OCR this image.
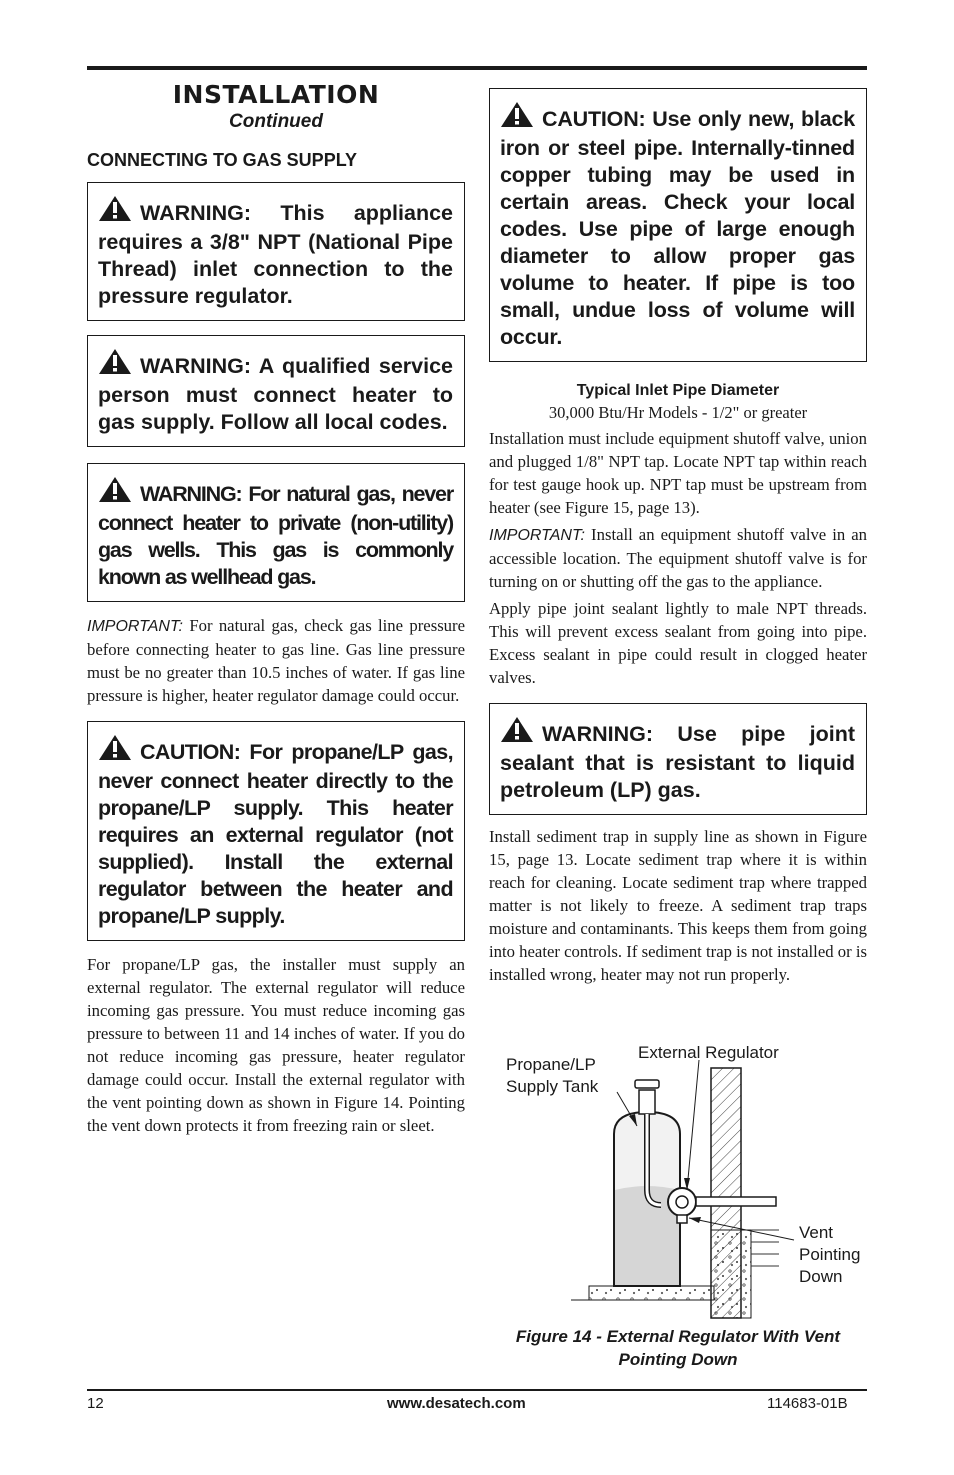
INSTALLATION
Continued
CONNECTING TO GAS SUPPLY
WARNING: This appliance requires a 3/8" NPT (National Pipe Thread) inlet connection to the pressure regulator.
WARNING: A qualified service person must connect heater to gas supply. Follow all local codes.
WARNING: For natural gas, never connect heater to private (non-utility) gas wells. This gas is commonly known as wellhead gas.

IMPORTANT: For natural gas, check gas line pressure before connecting heater to gas line. Gas line pressure must be no greater than 10.5 inches of water. If gas line pressure is higher, heater regulator damage could occur.

CAUTION: For propane/LP gas, never connect heater directly to the propane/LP supply. This heater requires an external regulator (not supplied). Install the external regulator between the heater and propane/LP supply.

For propane/LP gas, the installer must supply an external regulator. The external regulator will reduce incoming gas pressure. You must reduce incoming gas pressure to between 11 and 14 inches of water. If you do not reduce incoming gas pressure, heater regulator damage could occur. Install the external regulator with the vent pointing down as shown in Figure 14. Pointing the vent down protects it from freezing rain or sleet.

CAUTION: Use only new, black iron or steel pipe. Internally-tinned copper tubing may be used in certain areas. Check your local codes. Use pipe of large enough diameter to allow proper gas volume to heater. If pipe is too small, undue loss of volume will occur.
Typical Inlet Pipe Diameter
30,000 Btu/Hr Models - 1/2" or greater

Installation must include equipment shutoff valve, union and plugged 1/8" NPT tap. Locate NPT tap within reach for test gauge hook up. NPT tap must be upstream from heater (see Figure 15, page 13).

IMPORTANT: Install an equipment shutoff valve in an accessible location. The equipment shutoff valve is for turning on or shutting off the gas to the appliance.

Apply pipe joint sealant lightly to male NPT threads. This will prevent excess sealant from going into pipe. Excess sealant in pipe could result in clogged heater valves.

WARNING: Use pipe joint sealant that is resistant to liquid petroleum (LP) gas.

Install sediment trap in supply line as shown in Figure 15, page 13. Locate sediment trap where it is within reach for cleaning. Locate sediment trap where trapped matter is not likely to freeze. A sediment trap traps moisture and contaminants. This keeps them from going into heater controls. If sediment trap is not installed or is installed wrong, heater may not run properly.

Propane/LP
Supply Tank
External Regulator
Vent
Pointing
Down
Figure 14 - External Regulator With Vent
Pointing Down
12	www.desatech.com	114683-01B
